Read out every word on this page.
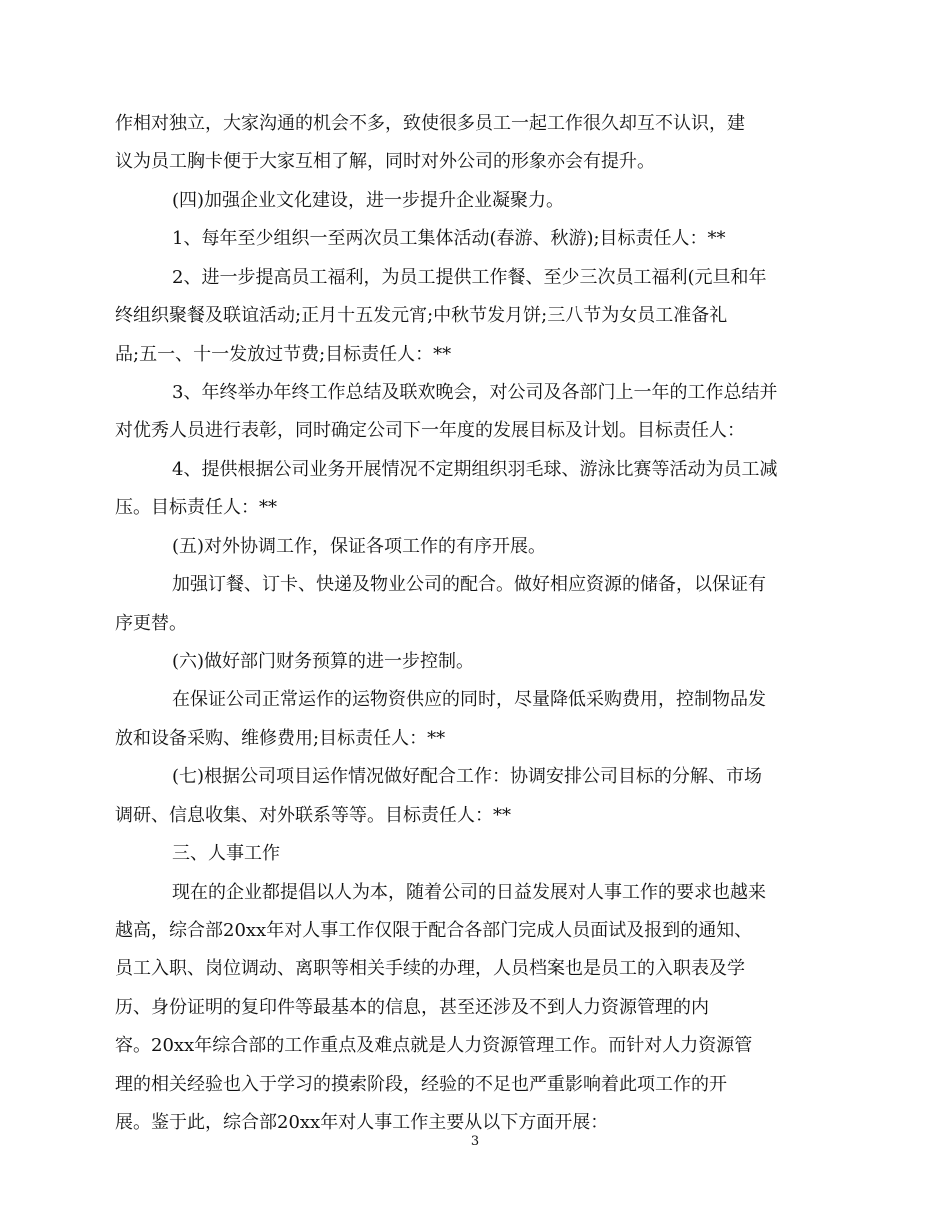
作相对独立，大家沟通的机会不多，致使很多员工一起工作很久却互不认识，建
议为员工胸卡便于大家互相了解，同时对外公司的形象亦会有提升。
(四)加强企业文化建设，进一步提升企业凝聚力。
1、每年至少组织一至两次员工集体活动(春游、秋游);目标责任人：**
2、进一步提高员工福利，为员工提供工作餐、至少三次员工福利(元旦和年
终组织聚餐及联谊活动;正月十五发元宵;中秋节发月饼;三八节为女员工准备礼
品;五一、十一发放过节费;目标责任人：**
3、年终举办年终工作总结及联欢晚会，对公司及各部门上一年的工作总结并
对优秀人员进行表彰，同时确定公司下一年度的发展目标及计划。目标责任人：
4、提供根据公司业务开展情况不定期组织羽毛球、游泳比赛等活动为员工减
压。目标责任人：**
(五)对外协调工作，保证各项工作的有序开展。
加强订餐、订卡、快递及物业公司的配合。做好相应资源的储备，以保证有
序更替。
(六)做好部门财务预算的进一步控制。
在保证公司正常运作的运物资供应的同时，尽量降低采购费用，控制物品发
放和设备采购、维修费用;目标责任人：**
(七)根据公司项目运作情况做好配合工作：协调安排公司目标的分解、市场
调研、信息收集、对外联系等等。目标责任人：**
三、人事工作
现在的企业都提倡以人为本，随着公司的日益发展对人事工作的要求也越来
越高，综合部20xx年对人事工作仅限于配合各部门完成人员面试及报到的通知、
员工入职、岗位调动、离职等相关手续的办理，人员档案也是员工的入职表及学
历、身份证明的复印件等最基本的信息，甚至还涉及不到人力资源管理的内
容。20xx年综合部的工作重点及难点就是人力资源管理工作。而针对人力资源管
理的相关经验也入于学习的摸索阶段，经验的不足也严重影响着此项工作的开
展。鉴于此，综合部20xx年对人事工作主要从以下方面开展：
3
